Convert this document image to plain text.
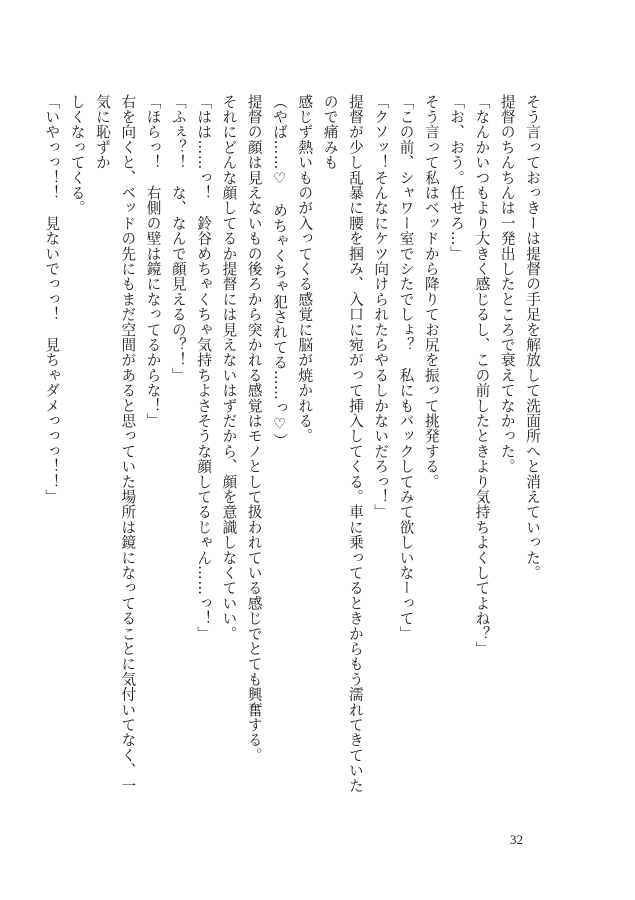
そう言っておっきーは提督の手足を解放して洗面所へと消えていった。

提督のちんちんは一発出したところで衰えてなかった。

「なんかいつもより大きく感じるし、この前したときより気持ちよくしてよね？」

「お、おう。任せろ…」

そう言って私はベッドから降りてお尻を振って挑発する。

「この前、シャワー室でシたでしょ？　私にもバックしてみて欲しいなーって」

「クソッ！そんなにケツ向けられたらやるしかないだろっ！」

提督が少し乱暴に腰を掴み、入口に宛がって挿入してくる。車に乗ってるときからもう濡れてきていたので痛みも

感じず熱いものが入ってくる感覚に脳が焼かれる。

（やば……♡　めちゃくちゃ犯されてる……っ♡）

提督の顔は見えないもの後ろから突かれる感覚はモノとして扱われている感じでとても興奮する。

それにどんな顔してるか提督には見えないはずだから、顔を意識しなくていい。

「はは……っ！　鈴谷めちゃくちゃ気持ちよさそうな顔してるじゃん……っ！」

「ふぇ？！　な、なんで顔見えるの？！」

「ほらっ！　右側の壁は鏡になってるからな！」

右を向くと、ベッドの先にもまだ空間があると思っていた場所は鏡になってることに気付いてなく、一気に恥ずか

しくなってくる。

「いやっっ！！　見ないでっっ！　見ちゃダメっっっ！！」

32
